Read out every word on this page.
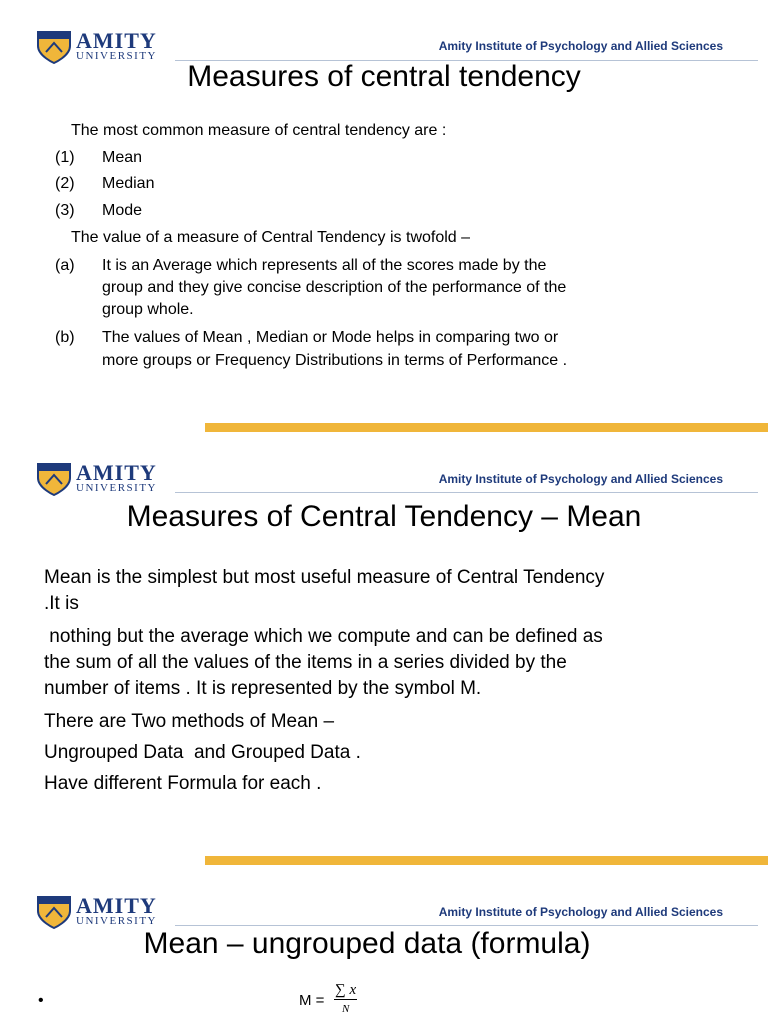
AMITY
UNIVERSITY
Amity Institute of Psychology and Allied Sciences
Measures of central tendency
The most common measure of central tendency are :
(1) Mean
(2) Median
(3) Mode
The value of a measure of Central Tendency is twofold –
(a) It is an Average which represents all of the scores made by the
group and they give concise description of the performance of the
group whole.
(b) The values of Mean , Median or Mode helps in comparing two or
more groups or Frequency Distributions in terms of Performance .
AMITY
UNIVERSITY
Amity Institute of Psychology and Allied Sciences
Measures of Central Tendency – Mean
Mean is the simplest but most useful measure of Central Tendency
.It is
nothing but the average which we compute and can be defined as
the sum of all the values of the items in a series divided by the
number of items . It is represented by the symbol M.
There are Two methods of Mean –
Ungrouped Data  and Grouped Data .
Have different Formula for each .
AMITY
UNIVERSITY
Amity Institute of Psychology and Allied Sciences
Mean – ungrouped data (formula)
•	M =
∑ x
N
